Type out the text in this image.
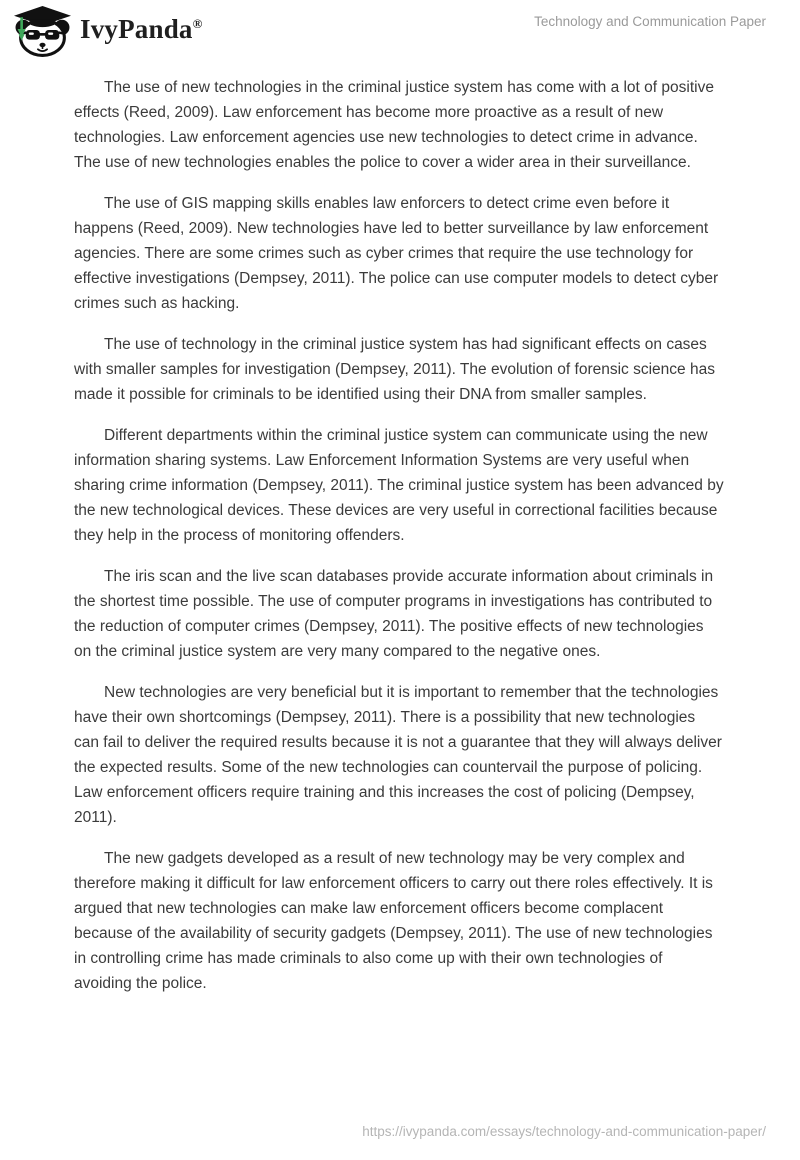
IvyPanda®	Technology and Communication Paper

The use of new technologies in the criminal justice system has come with a lot of positive effects (Reed, 2009). Law enforcement has become more proactive as a result of new technologies. Law enforcement agencies use new technologies to detect crime in advance. The use of new technologies enables the police to cover a wider area in their surveillance.

The use of GIS mapping skills enables law enforcers to detect crime even before it happens (Reed, 2009). New technologies have led to better surveillance by law enforcement agencies. There are some crimes such as cyber crimes that require the use technology for effective investigations (Dempsey, 2011). The police can use computer models to detect cyber crimes such as hacking.

The use of technology in the criminal justice system has had significant effects on cases with smaller samples for investigation (Dempsey, 2011). The evolution of forensic science has made it possible for criminals to be identified using their DNA from smaller samples.

Different departments within the criminal justice system can communicate using the new information sharing systems. Law Enforcement Information Systems are very useful when sharing crime information (Dempsey, 2011). The criminal justice system has been advanced by the new technological devices. These devices are very useful in correctional facilities because they help in the process of monitoring offenders.

The iris scan and the live scan databases provide accurate information about criminals in the shortest time possible. The use of computer programs in investigations has contributed to the reduction of computer crimes (Dempsey, 2011). The positive effects of new technologies on the criminal justice system are very many compared to the negative ones.

New technologies are very beneficial but it is important to remember that the technologies have their own shortcomings (Dempsey, 2011). There is a possibility that new technologies can fail to deliver the required results because it is not a guarantee that they will always deliver the expected results. Some of the new technologies can countervail the purpose of policing. Law enforcement officers require training and this increases the cost of policing (Dempsey, 2011).

The new gadgets developed as a result of new technology may be very complex and therefore making it difficult for law enforcement officers to carry out there roles effectively. It is argued that new technologies can make law enforcement officers become complacent because of the availability of security gadgets (Dempsey, 2011). The use of new technologies in controlling crime has made criminals to also come up with their own technologies of avoiding the police.

https://ivypanda.com/essays/technology-and-communication-paper/
